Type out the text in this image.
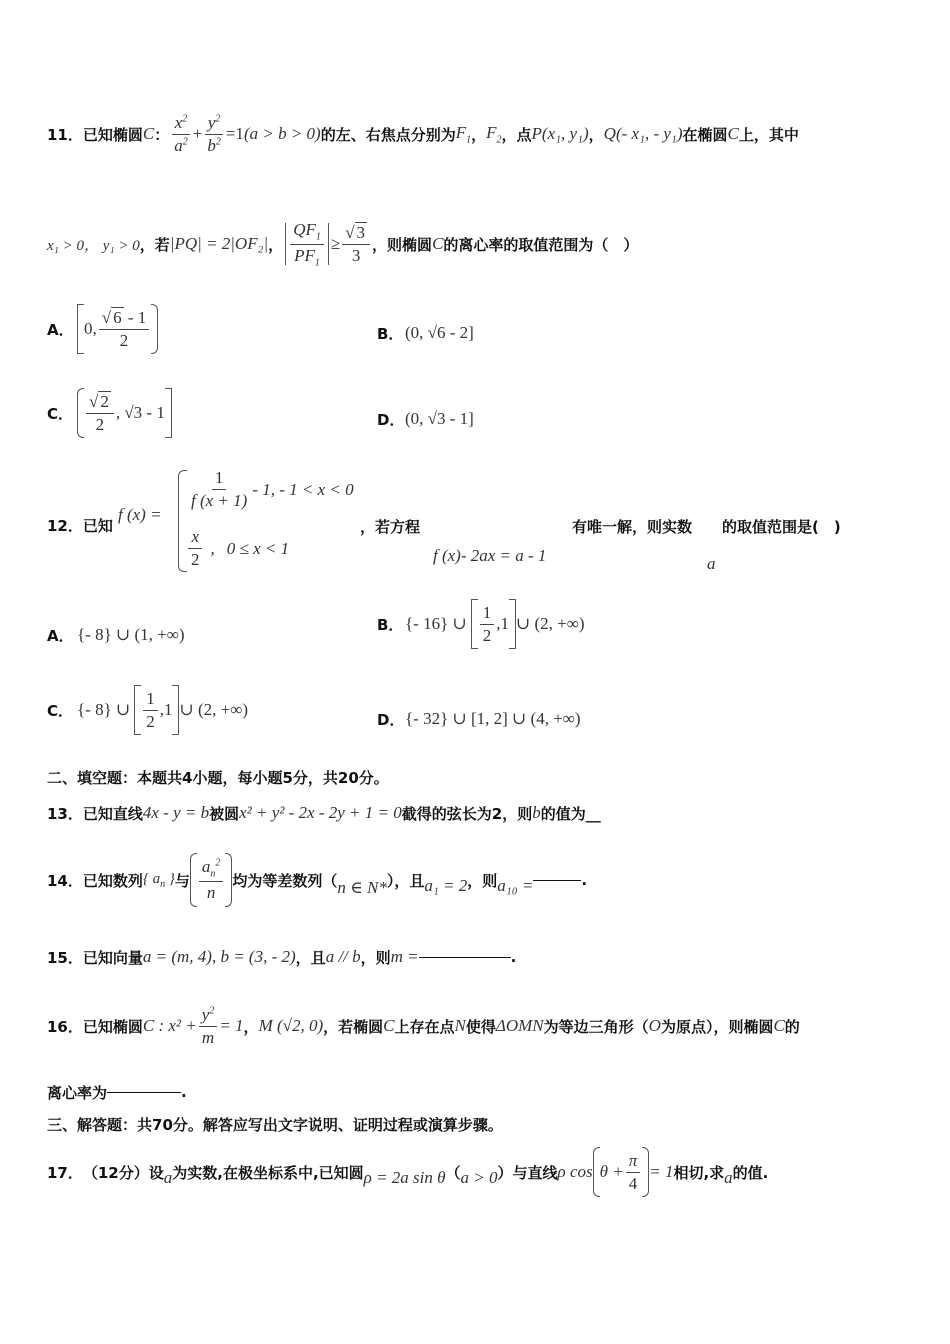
11． 已知椭圆 C ： $\frac{x^2}{a^2} + \frac{y^2}{b^2} =1$ (a > b > 0) 的左、右焦点分别为 $F_1$ ， $F_2$ ，点 P(x₁, y₁) ， Q(- x₁, - y₁) 在椭圆 C 上，其中
x₁ > 0， y₁ > 0 ，若 |PQ| = 2|OF₂| ， $\frac{QF_1}{PF_1} \ge \frac{√ 3}{3}$ ，则椭圆 C 的离心率的取值范围为（　）
A． 0, $\frac{√ 6 - 1}{2}$	B． (0, √6 - 2]
C． $\frac{√ 2}{2}$ , √3 - 1	D． (0, √3 - 1]
12． 已知
f (x) =
$\frac{1}{f (x + 1)} - 1$, - 1 < x < 0
$\frac{x}{2}$ , 0 ≤ x < 1
，若方程	有唯一解，则实数 的取值范围是(　)
f (x)- 2ax = a - 1	a
A． {- 8} ∪ (1, +∞)
B． {- 16} ∪ $\frac{1}{2} ,1$ ∪ (2, +∞)
C． {- 8} ∪ $\frac{1}{2} ,1$ ∪ (2, +∞)
D． {- 32} ∪ [1, 2] ∪ (4, +∞)
二、填空题：本题共4小题，每小题5分，共20分。
13． 已知直线 4x - y = b 被圆 x² + y² - 2x - 2y + 1 = 0 截得的弦长为2，则 b 的值为__
14． 已知数列 { $a_n$ } 与 $\frac{a_n^2}{n}$ 均为等差数列（ n ∈ N* ），且 a₁ = 2 ，则 a₁₀ =	.
15． 已知向量 a = (m, 4), b = (3, - 2) ，且 a // b ，则 m =	.
16． 已知椭圆 C : $x^2 + \frac{y^2}{m} = 1$ ， M (√2, 0) ，若椭圆 C 上存在点 N 使得 ΔOMN 为等边三角形（ O 为原点），则椭圆 C 的
离心率为	.
三、解答题：共70分。解答应写出文字说明、证明过程或演算步骤。
17． （12分） 设 a 为实数,在极坐标系中,已知圆 ρ = 2a sin θ （ a > 0 ） 与直线 ρ $\cos \theta + \frac{\pi}{4} = 1$ 相切,求 a 的值.
